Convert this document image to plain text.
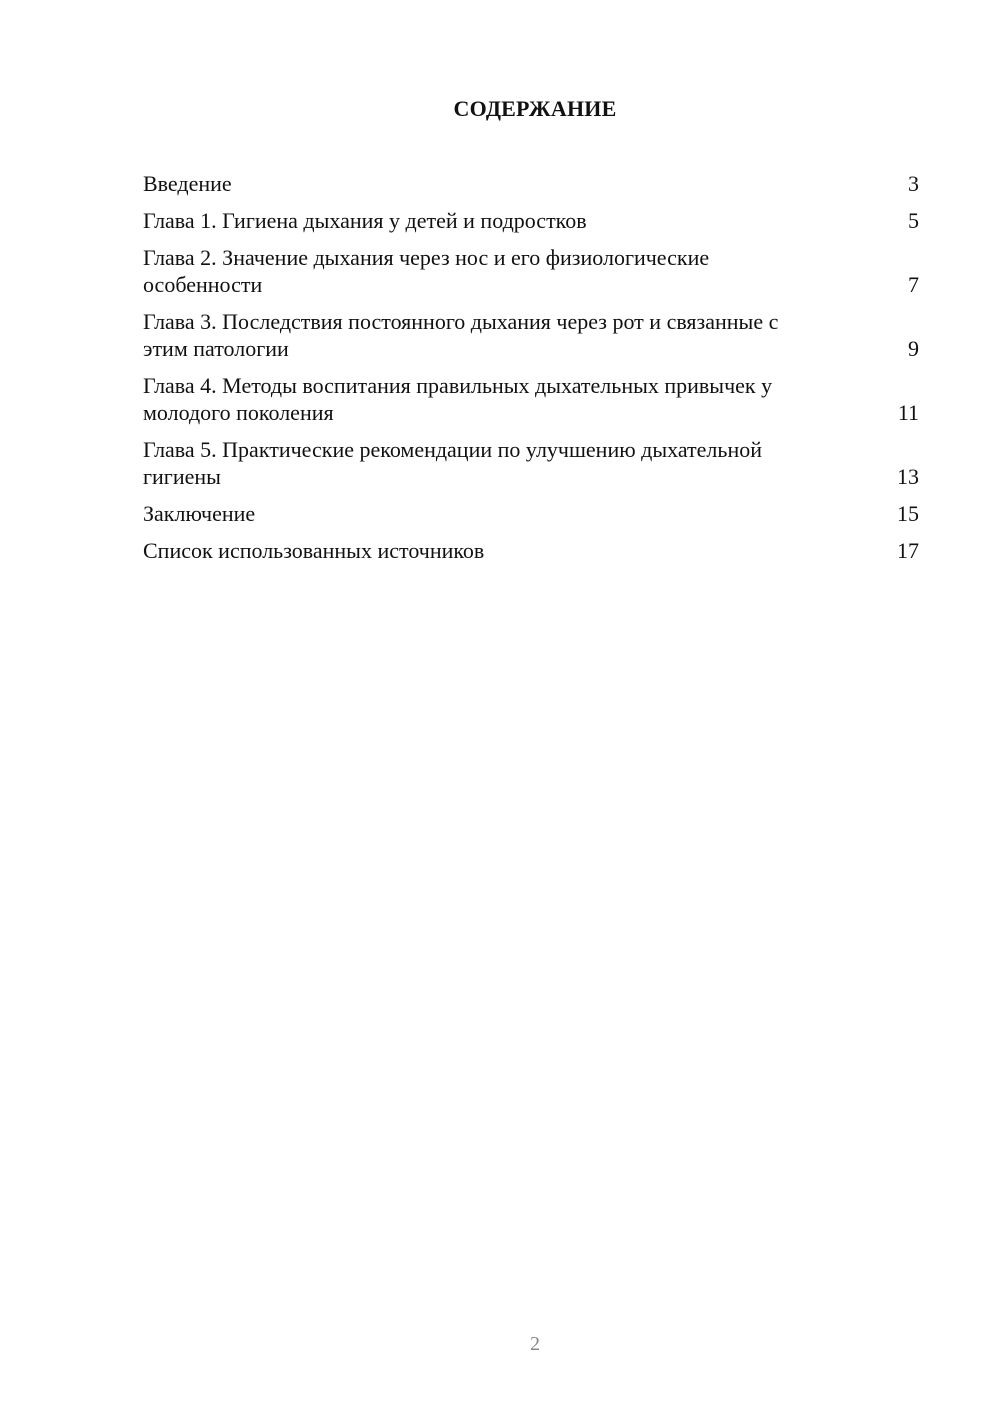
СОДЕРЖАНИЕ
Введение	3
Глава 1. Гигиена дыхания у детей и подростков	5
Глава 2. Значение дыхания через нос и его физиологические особенности	7
Глава 3. Последствия постоянного дыхания через рот и связанные с этим патологии	9
Глава 4. Методы воспитания правильных дыхательных привычек у молодого поколения	11
Глава 5. Практические рекомендации по улучшению дыхательной гигиены	13
Заключение	15
Список использованных источников	17
2
